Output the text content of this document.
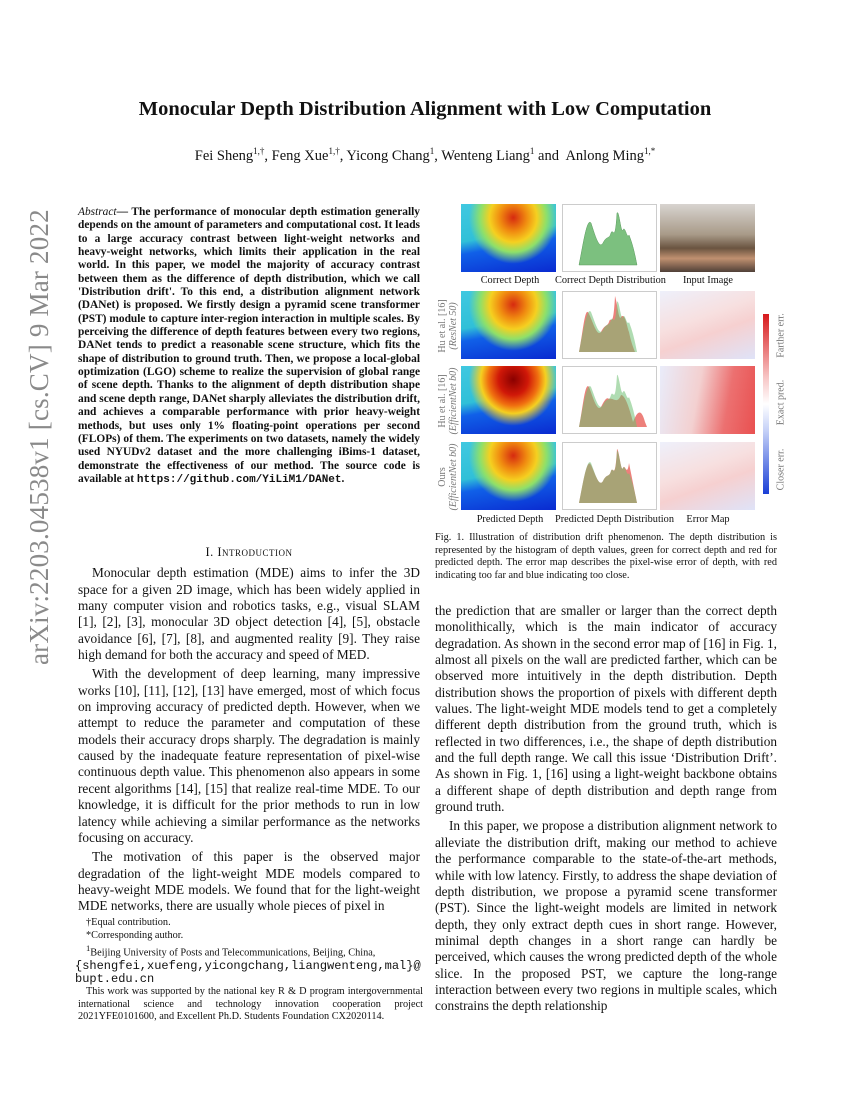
arXiv:2203.04538v1 [cs.CV] 9 Mar 2022
Monocular Depth Distribution Alignment with Low Computation
Fei Sheng$^{1,\dagger}$, Feng Xue$^{1,\dagger}$, Yicong Chang$^1$, Wenteng Liang$^1$ and  Anlong Ming$^{1,*}$
Abstract— The performance of monocular depth estimation generally depends on the amount of parameters and computational cost. It leads to a large accuracy contrast between light-weight networks and heavy-weight networks, which limits their application in the real world. In this paper, we model the majority of accuracy contrast between them as the difference of depth distribution, which we call 'Distribution drift'. To this end, a distribution alignment network (DANet) is proposed. We firstly design a pyramid scene transformer (PST) module to capture inter-region interaction in multiple scales. By perceiving the difference of depth features between every two regions, DANet tends to predict a reasonable scene structure, which fits the shape of distribution to ground truth. Then, we propose a local-global optimization (LGO) scheme to realize the supervision of global range of scene depth. Thanks to the alignment of depth distribution shape and scene depth range, DANet sharply alleviates the distribution drift, and achieves a comparable performance with prior heavy-weight methods, but uses only 1% floating-point operations per second (FLOPs) of them. The experiments on two datasets, namely the widely used NYUDv2 dataset and the more challenging iBims-1 dataset, demonstrate the effectiveness of our method. The source code is available at https://github.com/YiLiM1/DANet.
I. Introduction

Monocular depth estimation (MDE) aims to infer the 3D space for a given 2D image, which has been widely applied in many computer vision and robotics tasks, e.g., visual SLAM [1], [2], [3], monocular 3D object detection [4], [5], obstacle avoidance [6], [7], [8], and augmented reality [9]. They raise high demand for both the accuracy and speed of MED.

With the development of deep learning, many impressive works [10], [11], [12], [13] have emerged, most of which focus on improving accuracy of predicted depth. However, when we attempt to reduce the parameter and computation of these models their accuracy drops sharply. The degradation is mainly caused by the inadequate feature representation of pixel-wise continuous depth value. This phenomenon also appears in some recent algorithms [14], [15] that realize real-time MDE. To our knowledge, it is difficult for the prior methods to run in low latency while achieving a similar performance as the networks focusing on accuracy.

The motivation of this paper is the observed major degradation of the light-weight MDE models compared to heavy-weight MDE models. We found that for the light-weight MDE networks, there are usually whole pieces of pixel in

†Equal contribution.
*Corresponding author.
$^1$Beijing University of Posts and Telecommunications, Beijing, China,
{shengfei,xuefeng,yicongchang,liangwenteng,mal}@bupt.edu.cn
This work was supported by the national key R & D program intergovernmental international science and technology innovation cooperation project 2021YFE0101600, and Excellent Ph.D. Students Foundation CX2020114.
Correct Depth	Correct Depth Distribution	Input Image
Hu et al. [16] (ResNet 50)
Hu et al. [16] (EfficientNet b0)
Ours (EfficientNet b0)
Farther err.
Exact pred.
Closer err.
Predicted Depth	Predicted Depth Distribution	Error Map
Fig. 1. Illustration of distribution drift phenomenon. The depth distribution is represented by the histogram of depth values, green for correct depth and red for predicted depth. The error map describes the pixel-wise error of depth, with red indicating too far and blue indicating too close.

the prediction that are smaller or larger than the correct depth monolithically, which is the main indicator of accuracy degradation. As shown in the second error map of [16] in Fig. 1, almost all pixels on the wall are predicted farther, which can be observed more intuitively in the depth distribution. Depth distribution shows the proportion of pixels with different depth values. The light-weight MDE models tend to get a completely different depth distribution from the ground truth, which is reflected in two differences, i.e., the shape of depth distribution and the full depth range. We call this issue ‘Distribution Drift’. As shown in Fig. 1, [16] using a light-weight backbone obtains a different shape of depth distribution and depth range from ground truth.

In this paper, we propose a distribution alignment network to alleviate the distribution drift, making our method to achieve the performance comparable to the state-of-the-art methods, while with low latency. Firstly, to address the shape deviation of depth distribution, we propose a pyramid scene transformer (PST). Since the light-weight models are limited in network depth, they only extract depth cues in short range. However, minimal depth changes in a short range can hardly be perceived, which causes the wrong predicted depth of the whole slice. In the proposed PST, we capture the long-range interaction between every two regions in multiple scales, which constrains the depth relationship
